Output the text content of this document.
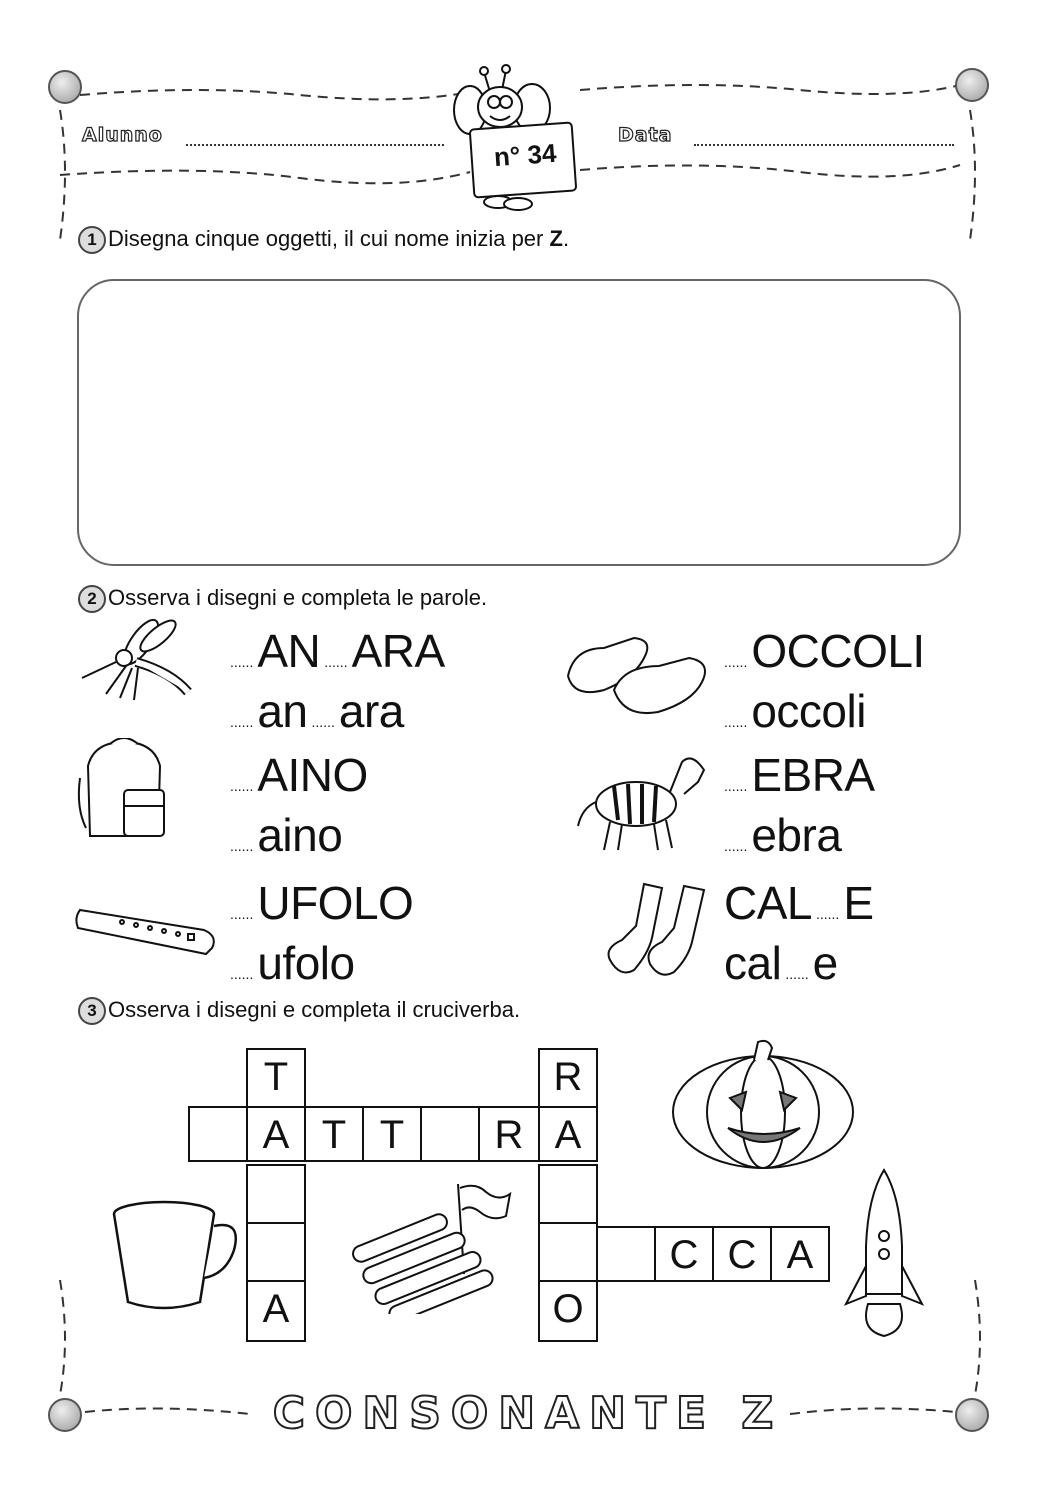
Alunno	Data
n° 34
1 Disegna cinque oggetti, il cui nome inizia per Z.
2 Osserva i disegni e completa le parole.
...... AN ...... ARA
...... an ...... ara
...... OCCOLI
...... occoli
...... AINO
...... aino
...... EBRA
...... ebra
...... UFOLO
...... ufolo
CAL ...... E
cal ...... e
3 Osserva i disegni e completa il cruciverba.
A T T	R A
T
A
R
O
C C A
CONSONANTE Z
